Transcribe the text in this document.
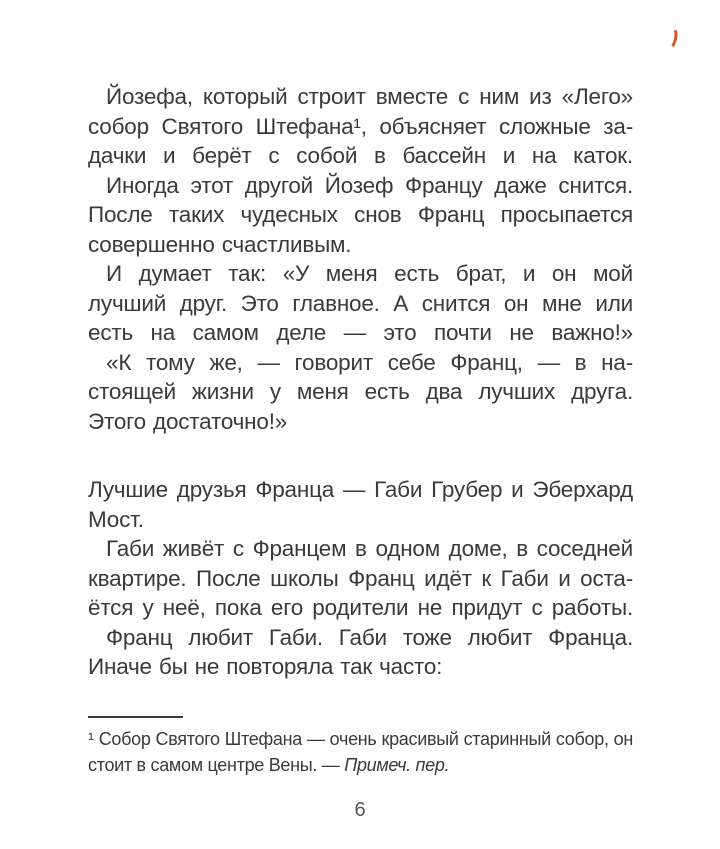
Йозефа, который строит вместе с ним из «Лего»
собор Святого Штефана¹, объясняет сложные за-
дачки и берёт с собой в бассейн и на каток.
Иногда этот другой Йозеф Францу даже снится.
После таких чудесных снов Франц просыпается
совершенно счастливым.
И думает так: «У меня есть брат, и он мой
лучший друг. Это главное. А снится он мне или
есть на самом деле — это почти не важно!»
«К тому же, — говорит себе Франц, — в на-
стоящей жизни у меня есть два лучших друга.
Этого достаточно!»
Лучшие друзья Франца — Габи Грубер и Эберхард
Мост.
Габи живёт с Францем в одном доме, в соседней
квартире. После школы Франц идёт к Габи и оста-
ётся у неё, пока его родители не придут с работы.
Франц любит Габи. Габи тоже любит Франца.
Иначе бы не повторяла так часто:
¹ Собор Святого Штефана — очень красивый старинный собор, он
стоит в самом центре Вены. — Примеч. пер.
6
